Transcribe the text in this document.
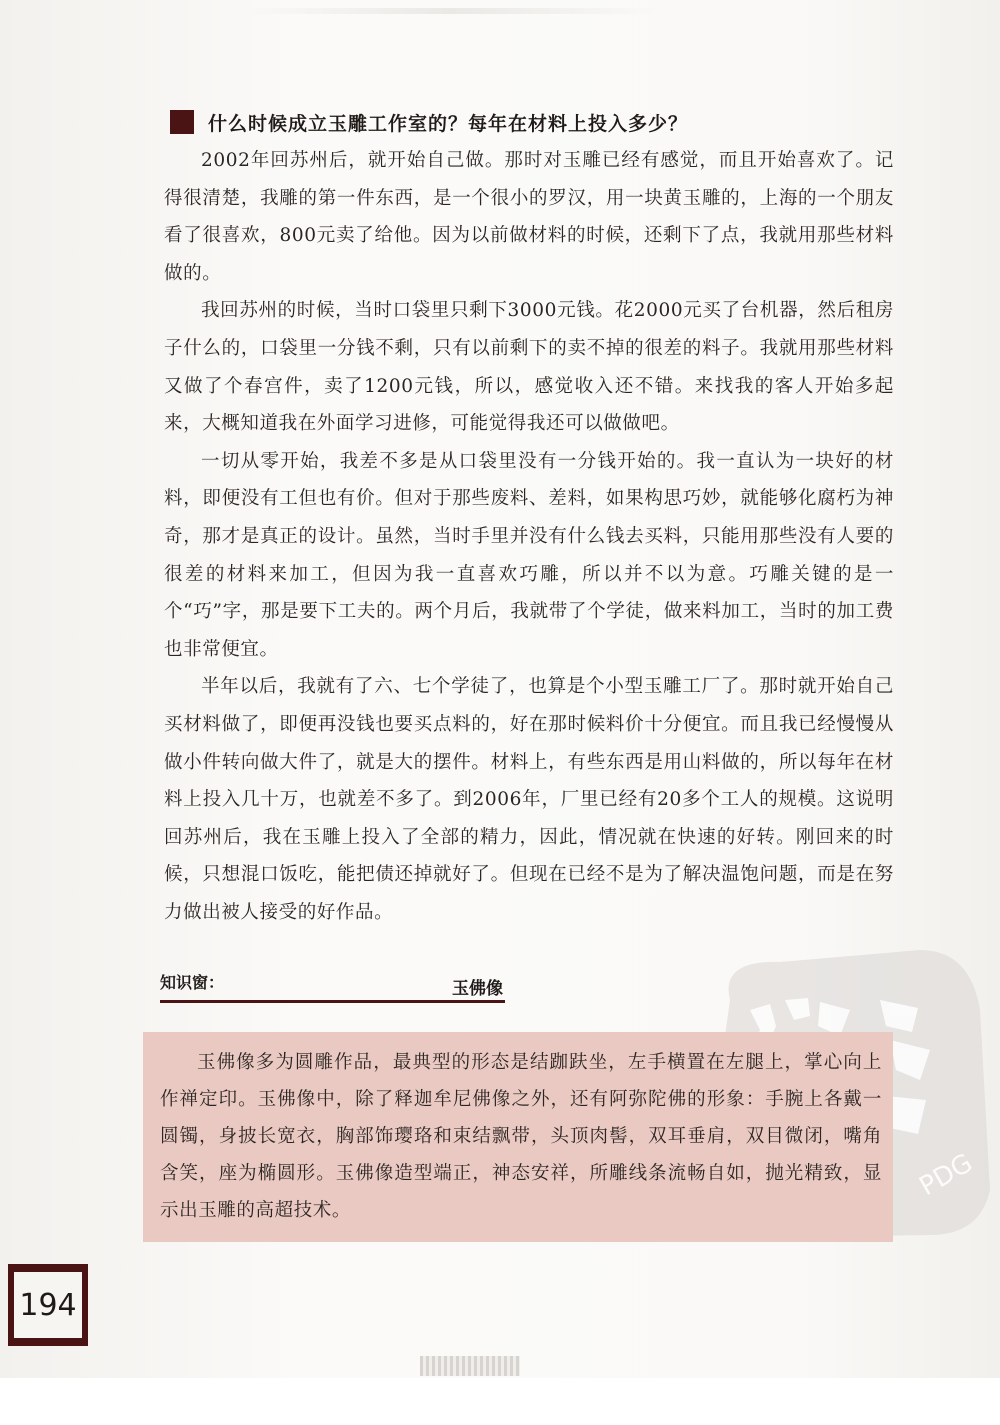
什么时候成立玉雕工作室的？每年在材料上投入多少？

2002年回苏州后，就开始自己做。那时对玉雕已经有感觉，而且开始喜欢了。记得很清楚，我雕的第一件东西，是一个很小的罗汉，用一块黄玉雕的，上海的一个朋友看了很喜欢，800元卖了给他。因为以前做材料的时候，还剩下了点，我就用那些材料做的。

我回苏州的时候，当时口袋里只剩下3000元钱。花2000元买了台机器，然后租房子什么的，口袋里一分钱不剩，只有以前剩下的卖不掉的很差的料子。我就用那些材料又做了个春宫件，卖了1200元钱，所以，感觉收入还不错。来找我的客人开始多起来，大概知道我在外面学习进修，可能觉得我还可以做做吧。

一切从零开始，我差不多是从口袋里没有一分钱开始的。我一直认为一块好的材料，即便没有工但也有价。但对于那些废料、差料，如果构思巧妙，就能够化腐朽为神奇，那才是真正的设计。虽然，当时手里并没有什么钱去买料，只能用那些没有人要的很差的材料来加工，但因为我一直喜欢巧雕，所以并不以为意。巧雕关键的是一个“巧”字，那是要下工夫的。两个月后，我就带了个学徒，做来料加工，当时的加工费也非常便宜。

半年以后，我就有了六、七个学徒了，也算是个小型玉雕工厂了。那时就开始自己买材料做了，即便再没钱也要买点料的，好在那时候料价十分便宜。而且我已经慢慢从做小件转向做大件了，就是大的摆件。材料上，有些东西是用山料做的，所以每年在材料上投入几十万，也就差不多了。到2006年，厂里已经有20多个工人的规模。这说明回苏州后，我在玉雕上投入了全部的精力，因此，情况就在快速的好转。刚回来的时候，只想混口饭吃，能把债还掉就好了。但现在已经不是为了解决温饱问题，而是在努力做出被人接受的好作品。

PDG
知识窗：	玉佛像

玉佛像多为圆雕作品，最典型的形态是结跏趺坐，左手横置在左腿上，掌心向上作禅定印。玉佛像中，除了释迦牟尼佛像之外，还有阿弥陀佛的形象：手腕上各戴一圆镯，身披长宽衣，胸部饰璎珞和束结飘带，头顶肉髻，双耳垂肩，双目微闭，嘴角含笑，座为椭圆形。玉佛像造型端正，神态安祥，所雕线条流畅自如，抛光精致，显示出玉雕的高超技术。

194
